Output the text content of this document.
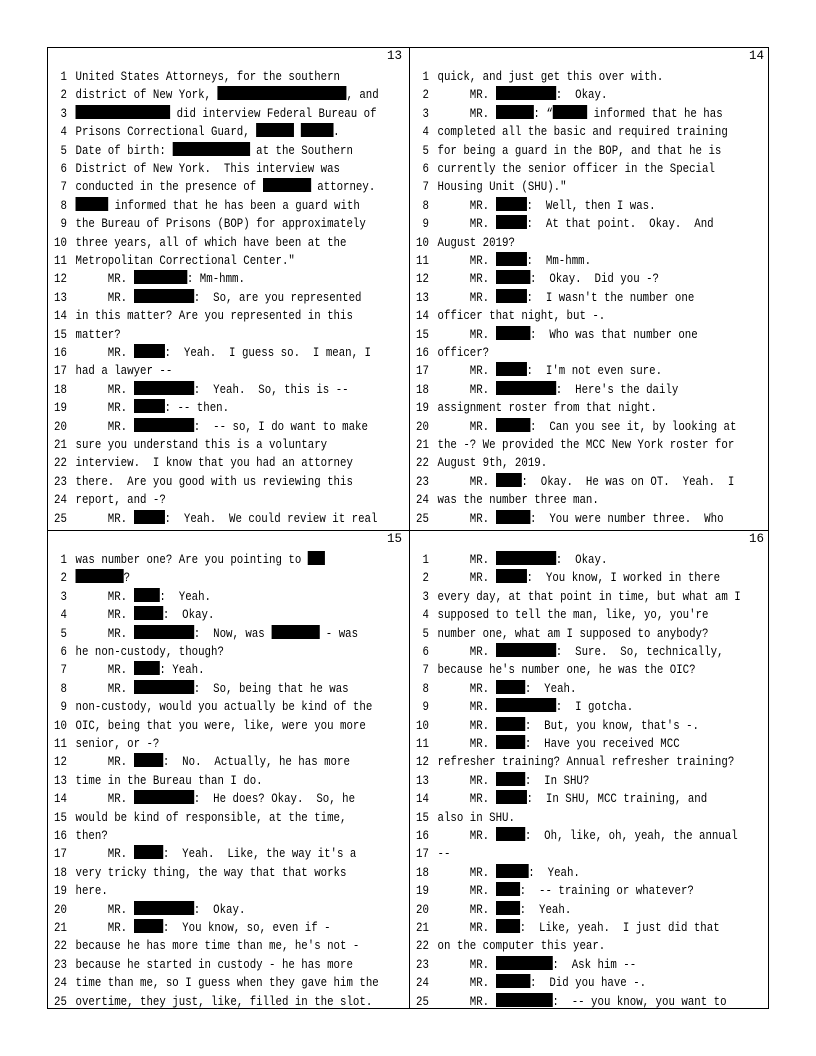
13
1 United States Attorneys, for the southern
2 district of New York,	, and
3	did interview Federal Bureau of
4 Prisons Correctional Guard,	.
5 Date of birth:	at the Southern
6 District of New York.  This interview was
7 conducted in the presence of	attorney.
8	informed that he has been a guard with
9 the Bureau of Prisons (BOP) for approximately
10 three years, all of which have been at the
11 Metropolitan Correctional Center."
12     MR.	: Mm-hmm.
13     MR.	:  So, are you represented
14 in this matter? Are you represented in this
15 matter?
16     MR. :  Yeah.  I guess so.  I mean, I
17 had a lawyer --
18     MR.	:  Yeah.  So, this is --
19     MR. : -- then.
20     MR.	:  -- so, I do want to make
21 sure you understand this is a voluntary
22 interview.  I know that you had an attorney
23 there.  Are you good with us reviewing this
24 report, and -?
25     MR. :  Yeah.  We could review it real
14
1 quick, and just get this over with.
2     MR.	:  Okay.
3     MR.	: “	informed that he has
4 completed all the basic and required training
5 for being a guard in the BOP, and that he is
6 currently the senior officer in the Special
7 Housing Unit (SHU)."
8     MR. :  Well, then I was.
9     MR. :  At that point.  Okay.  And
10 August 2019?
11     MR. :  Mm-hmm.
12     MR.	:  Okay.  Did you -?
13     MR. :  I wasn't the number one
14 officer that night, but -.
15     MR.	:  Who was that number one
16 officer?
17     MR. :  I'm not even sure.
18     MR.	:  Here's the daily
19 assignment roster from that night.
20     MR.	:  Can you see it, by looking at
21 the -? We provided the MCC New York roster for
22 August 9th, 2019.
23     MR. :  Okay.  He was on OT.  Yeah.  I
24 was the number three man.
25     MR.	:  You were number three.  Who
15
1 was number one? Are you pointing to
2	?
3     MR. :  Yeah.
4     MR. :  Okay.
5     MR.	:  Now, was	- was
6 he non-custody, though?
7     MR. : Yeah.
8     MR.	:  So, being that he was
9 non-custody, would you actually be kind of the
10 OIC, being that you were, like, were you more
11 senior, or -?
12     MR. :  No.  Actually, he has more
13 time in the Bureau than I do.
14     MR.	:  He does? Okay.  So, he
15 would be kind of responsible, at the time,
16 then?
17     MR. :  Yeah.  Like, the way it's a
18 very tricky thing, the way that that works
19 here.
20     MR.	:  Okay.
21     MR. :  You know, so, even if -
22 because he has more time than me, he's not -
23 because he started in custody - he has more
24 time than me, so I guess when they gave him the
25 overtime, they just, like, filled in the slot.
16
1     MR.	:  Okay.
2     MR. :  You know, I worked in there
3 every day, at that point in time, but what am I
4 supposed to tell the man, like, yo, you're
5 number one, what am I supposed to anybody?
6     MR.	:  Sure.  So, technically,
7 because he's number one, he was the OIC?
8     MR. :  Yeah.
9     MR.	:  I gotcha.
10     MR. :  But, you know, that's -.
11     MR. :  Have you received MCC
12 refresher training? Annual refresher training?
13     MR. :  In SHU?
14     MR. :  In SHU, MCC training, and
15 also in SHU.
16     MR. :  Oh, like, oh, yeah, the annual
17 --
18     MR.	:  Yeah.
19     MR. :  -- training or whatever?
20     MR. :  Yeah.
21     MR. :  Like, yeah.  I just did that
22 on the computer this year.
23     MR.	:  Ask him --
24     MR.	:  Did you have -.
25     MR.	:  -- you know, you want to
